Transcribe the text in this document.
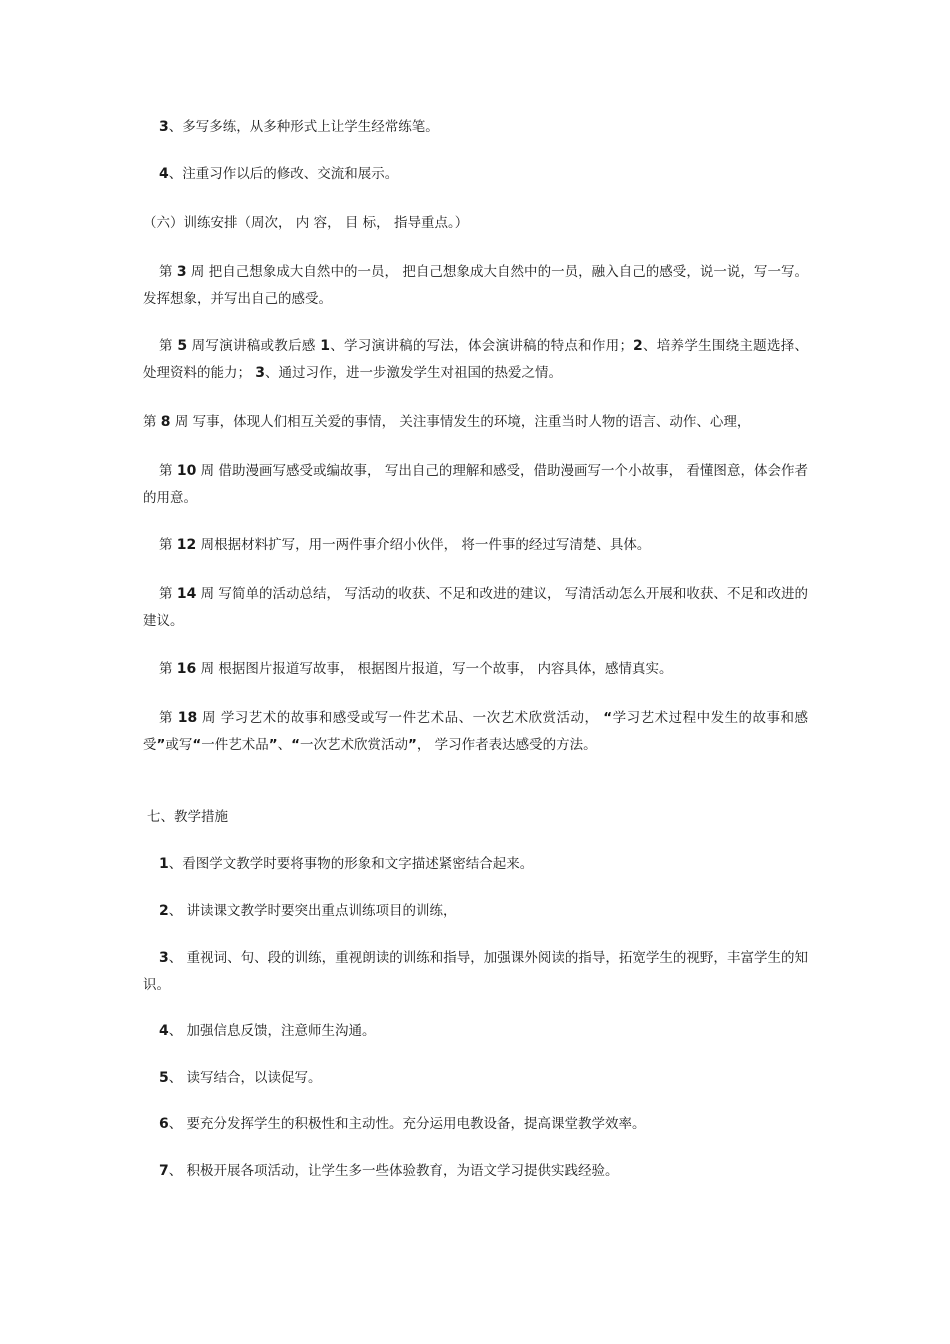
3、多写多练，从多种形式上让学生经常练笔。

4、注重习作以后的修改、交流和展示。

（六）训练安排（周次， 内 容， 目 标， 指导重点。）

第 3 周 把自己想象成大自然中的一员， 把自己想象成大自然中的一员，融入自己的感受，说一说，写一写。发挥想象，并写出自己的感受。

第 5 周写演讲稿或教后感 1、学习演讲稿的写法，体会演讲稿的特点和作用；2、培养学生围绕主题选择、处理资料的能力； 3、通过习作，进一步激发学生对祖国的热爱之情。

第 8 周 写事，体现人们相互关爱的事情， 关注事情发生的环境，注重当时人物的语言、动作、心理，

第 10 周 借助漫画写感受或编故事， 写出自己的理解和感受，借助漫画写一个小故事， 看懂图意，体会作者的用意。

第 12 周根据材料扩写，用一两件事介绍小伙伴， 将一件事的经过写清楚、具体。

第 14 周 写简单的活动总结， 写活动的收获、不足和改进的建议， 写清活动怎么开展和收获、不足和改进的建议。

第 16 周 根据图片报道写故事， 根据图片报道，写一个故事， 内容具体，感情真实。

第 18 周 学习艺术的故事和感受或写一件艺术品、一次艺术欣赏活动， “学习艺术过程中发生的故事和感受”或写“一件艺术品”、“一次艺术欣赏活动”， 学习作者表达感受的方法。

七、教学措施

1、看图学文教学时要将事物的形象和文字描述紧密结合起来。

2、 讲读课文教学时要突出重点训练项目的训练，

3、 重视词、句、段的训练，重视朗读的训练和指导，加强课外阅读的指导，拓宽学生的视野，丰富学生的知识。

4、 加强信息反馈，注意师生沟通。

5、 读写结合，以读促写。

6、 要充分发挥学生的积极性和主动性。充分运用电教设备，提高课堂教学效率。

7、 积极开展各项活动，让学生多一些体验教育，为语文学习提供实践经验。
